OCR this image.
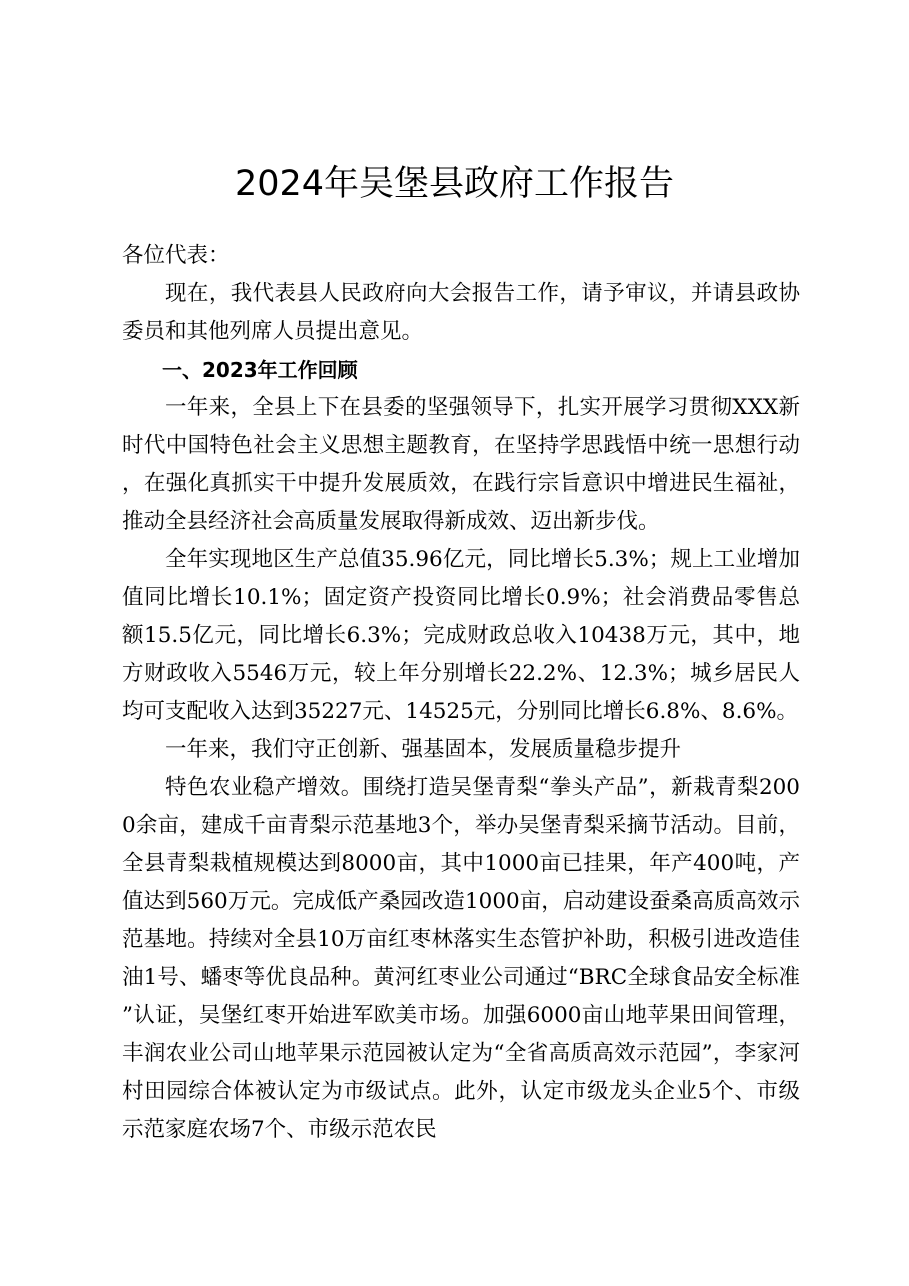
2024年吴堡县政府工作报告

各位代表：

现在，我代表县人民政府向大会报告工作，请予审议，并请县政协委员和其他列席人员提出意见。

一、2023年工作回顾

一年来，全县上下在县委的坚强领导下，扎实开展学习贯彻XXX新时代中国特色社会主义思想主题教育，在坚持学思践悟中统一思想行动，在强化真抓实干中提升发展质效，在践行宗旨意识中增进民生福祉，推动全县经济社会高质量发展取得新成效、迈出新步伐。

全年实现地区生产总值35.96亿元，同比增长5.3%；规上工业增加值同比增长10.1%；固定资产投资同比增长0.9%；社会消费品零售总额15.5亿元，同比增长6.3%；完成财政总收入10438万元，其中，地方财政收入5546万元，较上年分别增长22.2%、12.3%；城乡居民人均可支配收入达到35227元、14525元，分别同比增长6.8%、8.6%。

一年来，我们守正创新、强基固本，发展质量稳步提升

特色农业稳产增效。围绕打造吴堡青梨“拳头产品”，新栽青梨2000余亩，建成千亩青梨示范基地3个，举办吴堡青梨采摘节活动。目前，全县青梨栽植规模达到8000亩，其中1000亩已挂果，年产400吨，产值达到560万元。完成低产桑园改造1000亩，启动建设蚕桑高质高效示范基地。持续对全县10万亩红枣林落实生态管护补助，积极引进改造佳油1号、蟠枣等优良品种。黄河红枣业公司通过“BRC全球食品安全标准”认证，吴堡红枣开始进军欧美市场。加强6000亩山地苹果田间管理，丰润农业公司山地苹果示范园被认定为“全省高质高效示范园”，李家河村田园综合体被认定为市级试点。此外，认定市级龙头企业5个、市级示范家庭农场7个、市级示范农民
